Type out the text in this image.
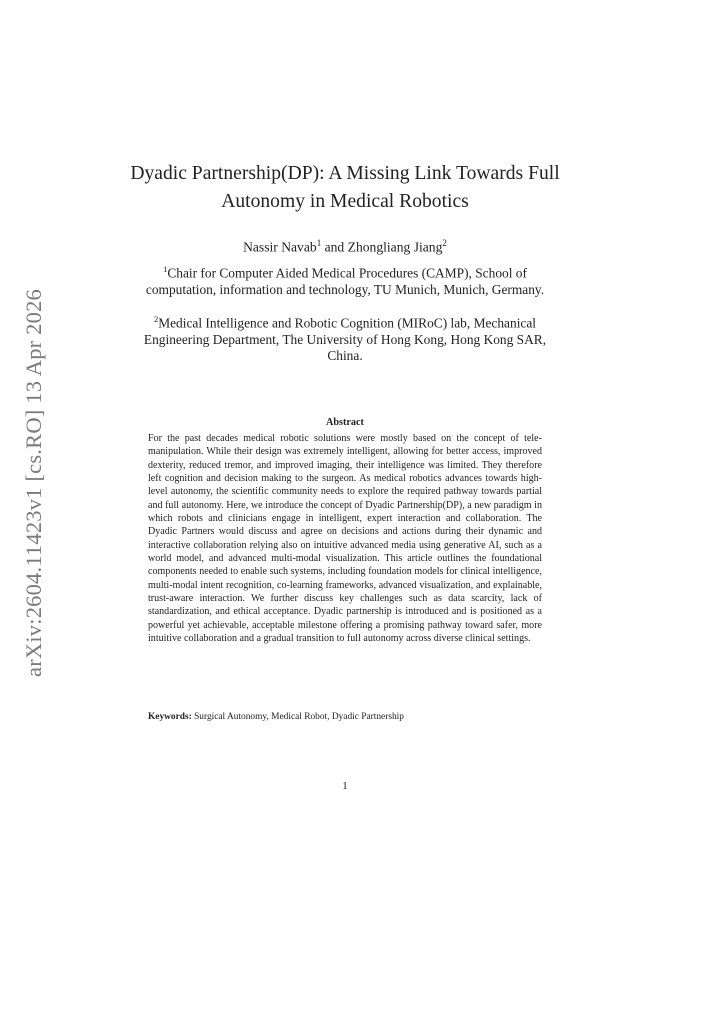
arXiv:2604.11423v1 [cs.RO] 13 Apr 2026
Dyadic Partnership(DP): A Missing Link Towards Full Autonomy in Medical Robotics
Nassir Navab$^1$ and Zhongliang Jiang$^2$
$^1$Chair for Computer Aided Medical Procedures (CAMP), School of computation, information and technology, TU Munich, Munich, Germany.
$^2$Medical Intelligence and Robotic Cognition (MIRoC) lab, Mechanical Engineering Department, The University of Hong Kong, Hong Kong SAR, China.
Abstract
For the past decades medical robotic solutions were mostly based on the concept of tele-manipulation. While their design was extremely intelligent, allowing for better access, improved dexterity, reduced tremor, and improved imaging, their intelligence was limited. They therefore left cognition and decision making to the surgeon. As medical robotics advances towards high-level autonomy, the scientific community needs to explore the required pathway towards partial and full autonomy. Here, we introduce the concept of Dyadic Partnership(DP), a new paradigm in which robots and clinicians engage in intelligent, expert interaction and collaboration. The Dyadic Partners would discuss and agree on decisions and actions during their dynamic and interactive collaboration relying also on intuitive advanced media using generative AI, such as a world model, and advanced multi-modal visualization. This article outlines the foundational components needed to enable such systems, including foundation models for clinical intelligence, multi-modal intent recognition, co-learning frameworks, advanced visualization, and explainable, trust-aware interaction. We further discuss key challenges such as data scarcity, lack of standardization, and ethical acceptance. Dyadic partnership is introduced and is positioned as a powerful yet achievable, acceptable milestone offering a promising pathway toward safer, more intuitive collaboration and a gradual transition to full autonomy across diverse clinical settings.
Keywords: Surgical Autonomy, Medical Robot, Dyadic Partnership
1
